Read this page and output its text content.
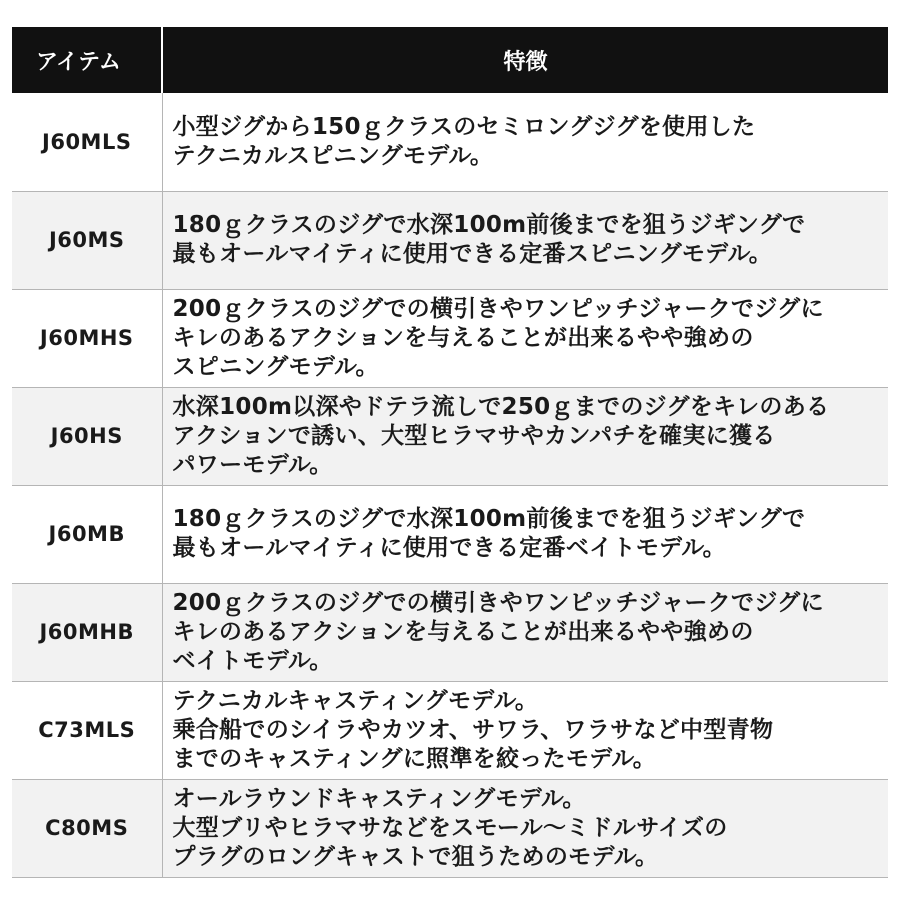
アイテム	特徴
J60MLS	小型ジグから150ｇクラスのセミロングジグを使用した
テクニカルスピニングモデル。

J60MS	180ｇクラスのジグで水深100m前後までを狙うジギングで
最もオールマイティに使用できる定番スピニングモデル。

J60MHS	200ｇクラスのジグでの横引きやワンピッチジャークでジグに
キレのあるアクションを与えることが出来るやや強めの
スピニングモデル。

J60HS	水深100m以深やドテラ流しで250ｇまでのジグをキレのある
アクションで誘い、大型ヒラマサやカンパチを確実に獲る
パワーモデル。

J60MB	180ｇクラスのジグで水深100m前後までを狙うジギングで
最もオールマイティに使用できる定番ベイトモデル。

J60MHB	200ｇクラスのジグでの横引きやワンピッチジャークでジグに
キレのあるアクションを与えることが出来るやや強めの
ベイトモデル。

C73MLS	テクニカルキャスティングモデル。
乗合船でのシイラやカツオ、サワラ、ワラサなど中型青物
までのキャスティングに照準を絞ったモデル。

C80MS	オールラウンドキャスティングモデル。
大型ブリやヒラマサなどをスモール～ミドルサイズの
プラグのロングキャストで狙うためのモデル。
